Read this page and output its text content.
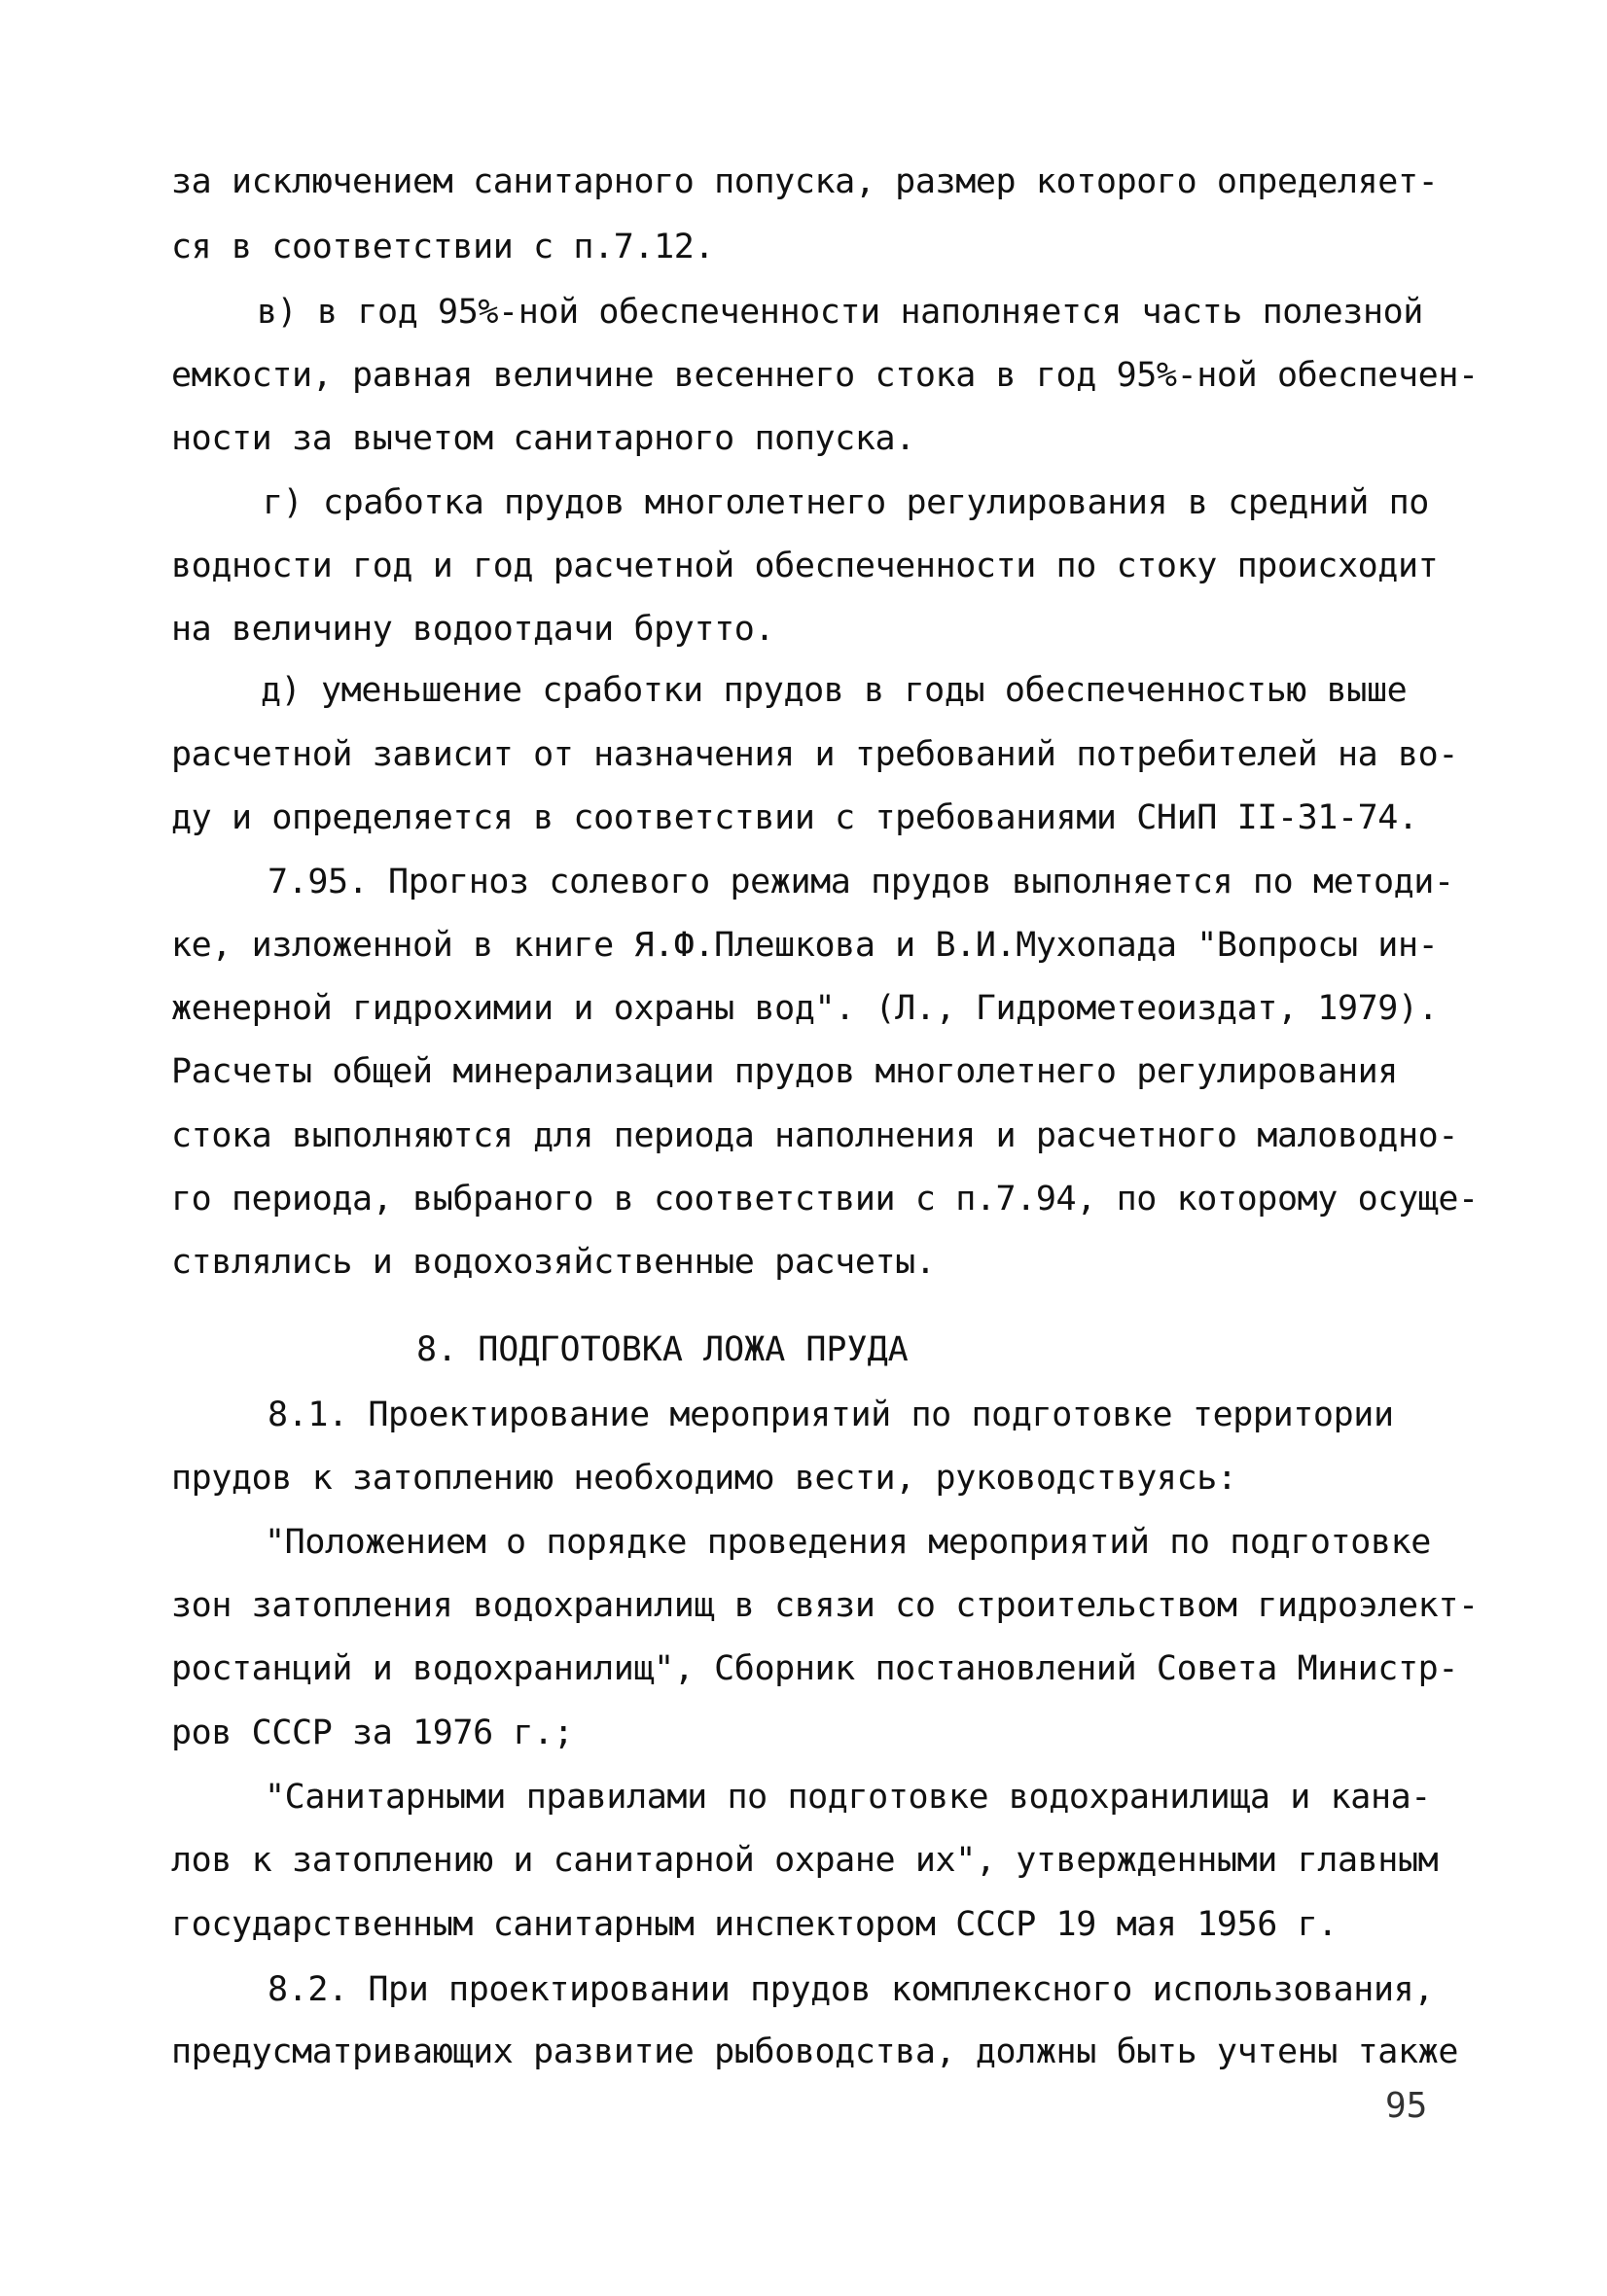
за исключением санитарного попуска, размер которого определяет-
ся в соответствии с п.7.12.
в) в год 95%-ной обеспеченности наполняется часть полезной
емкости, равная величине весеннего стока в год 95%-ной обеспечен-
ности за вычетом санитарного попуска.
г) сработка прудов многолетнего регулирования в средний по
водности год и год расчетной обеспеченности по стоку происходит
на величину водоотдачи брутто.
д) уменьшение сработки прудов в годы обеспеченностью выше
расчетной зависит от назначения и требований потребителей на во-
ду и определяется в соответствии с требованиями СНиП II-31-74.
7.95. Прогноз солевого режима прудов выполняется по методи-
ке, изложенной в книге Я.Ф.Плешкова и В.И.Мухопада "Вопросы ин-
женерной гидрохимии и охраны вод". (Л., Гидрометеоиздат, 1979).
Расчеты общей минерализации прудов многолетнего регулирования
стока выполняются для периода наполнения и расчетного маловодно-
го периода, выбраного в соответствии с п.7.94, по которому осуще-
ствлялись и водохозяйственные расчеты.
8. ПОДГОТОВКА ЛОЖА ПРУДА
8.1. Проектирование мероприятий по подготовке территории
прудов к затоплению необходимо вести, руководствуясь:
"Положением о порядке проведения мероприятий по подготовке
зон затопления водохранилищ в связи со строительством гидроэлект-
ростанций и водохранилищ", Сборник постановлений Совета Министр-
ров СССР за 1976 г.;
"Санитарными правилами по подготовке водохранилища и кана-
лов к затоплению и санитарной охране их", утвержденными главным
государственным санитарным инспектором СССР 19 мая 1956 г.
8.2. При проектировании прудов комплексного использования,
предусматривающих развитие рыбоводства, должны быть учтены также
95
